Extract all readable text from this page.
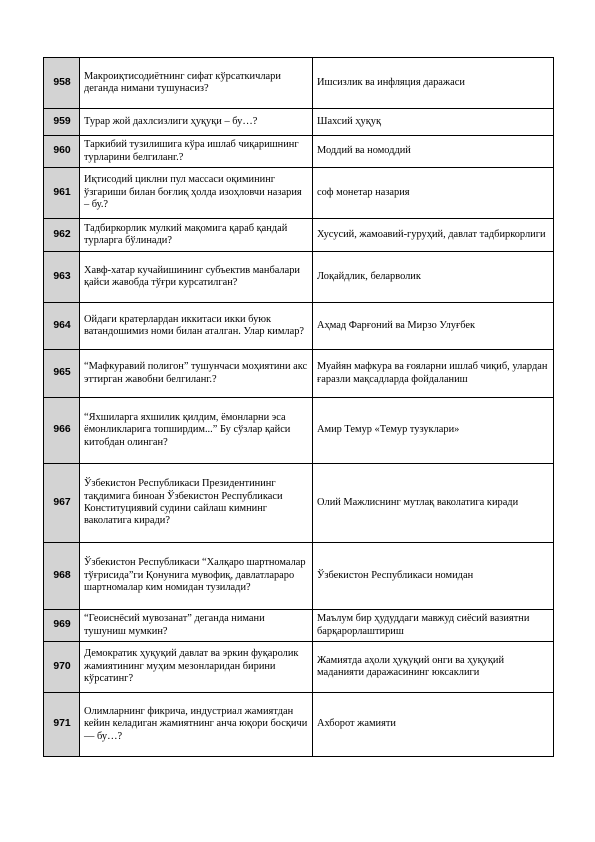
958	Макроиқтисодиётнинг сифат кўрсаткичлари деганда нимани тушунасиз?	Ишсизлик ва инфляция даражаси
959	Турар жой дахлсизлиги ҳуқуқи – бу…?	Шахсий ҳуқуқ
960	Таркибий тузилишига кўра ишлаб чиқаришнинг турларини белгиланг.?	Моддий ва номоддий
961	Иқтисодий циклни пул массаси оқимининг ўзгариши билан боғлиқ ҳолда изоҳловчи назария – бу.?	соф монетар назария
962	Тадбиркорлик мулкий мақомига қараб қандай турларга бўлинади?	Хусусий, жамоавий-гуруҳий, давлат тадбиркорлиги
963	Хавф-хатар кучайишининг субъектив манбалари қайси жавобда тўғри курсатилган?	Лоқайдлик, беларволик
964	Ойдаги кратерлардан иккитаси икки буюк ватандошимиз номи билан аталган. Улар кимлар?	Аҳмад Фарғоний ва Мирзо Улуғбек
965	“Мафкуравий полигон” тушунчаси моҳиятини акс эттирган жавобни белгиланг.?	Муайян мафкура ва ғояларни ишлаб чиқиб, улардан ғаразли мақсадларда фойдаланиш
966	“Яхшиларга яхшилик қилдим, ёмонларни эса ёмонликларига топширдим...” Бу сўзлар қайси китобдан олинган?	Амир Темур «Темур тузуклари»
967	Ўзбекистон Республикаси Президентининг тақдимига биноан Ўзбекистон Республикаси Конституциявий судини сайлаш кимнинг ваколатига киради?	Олий Мажлиснинг мутлақ ваколатига киради
968	Ўзбекистон Республикаси “Халқаро шартномалар тўғрисида”ги Қонунига мувофиқ, давлатлараро шартномалар ким номидан тузилади?	Ўзбекистон Республикаси номидан
969	“Геоиснёсий мувозанат” деганда нимани тушуниш мумкин?	Маълум бир ҳудуддаги мавжуд сиёсий вазиятни барқарорлаштириш
970	Демократик ҳуқуқий давлат ва эркин фуқаролик жамиятининг муҳим мезонларидан бирини кўрсатинг?	Жамиятда аҳоли ҳуқуқий онги ва ҳуқуқий маданияти даражасининг юксаклиги
971	Олимларнинг фикрича, индустриал жамиятдан кейин келадиган жамиятнинг анча юқори босқичи — бу…?	Ахборот жамияти
